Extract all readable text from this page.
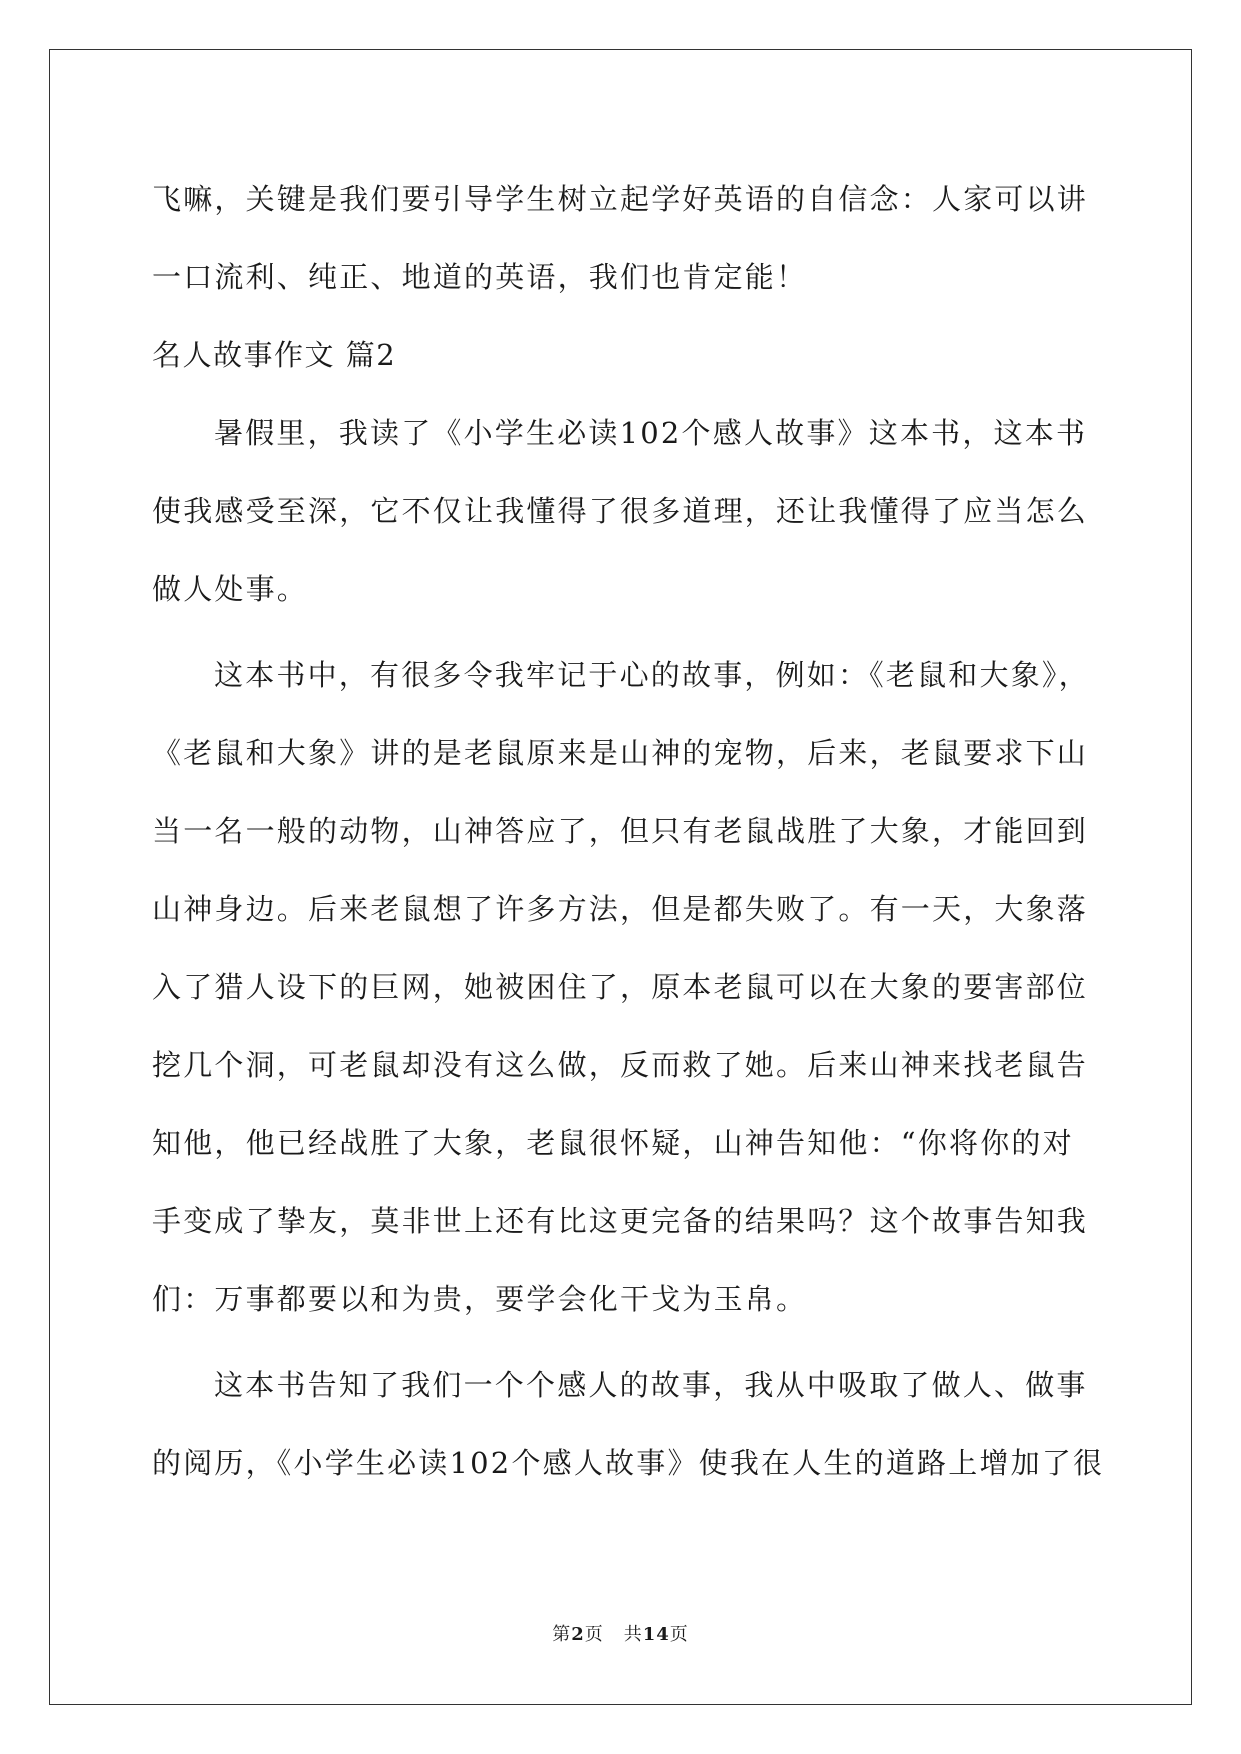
飞嘛，关键是我们要引导学生树立起学好英语的自信念：人家可以讲
一口流利、纯正、地道的英语，我们也肯定能！
名人故事作文 篇2
暑假里，我读了《小学生必读102个感人故事》这本书，这本书
使我感受至深，它不仅让我懂得了很多道理，还让我懂得了应当怎么
做人处事。
这本书中，有很多令我牢记于心的故事，例如：《老鼠和大象》，
《老鼠和大象》讲的是老鼠原来是山神的宠物，后来，老鼠要求下山
当一名一般的动物，山神答应了，但只有老鼠战胜了大象，才能回到
山神身边。后来老鼠想了许多方法，但是都失败了。有一天，大象落
入了猎人设下的巨网，她被困住了，原本老鼠可以在大象的要害部位
挖几个洞，可老鼠却没有这么做，反而救了她。后来山神来找老鼠告
知他，他已经战胜了大象，老鼠很怀疑，山神告知他：“你将你的对
手变成了挚友，莫非世上还有比这更完备的结果吗？这个故事告知我
们：万事都要以和为贵，要学会化干戈为玉帛。
这本书告知了我们一个个感人的故事，我从中吸取了做人、做事
的阅历，《小学生必读102个感人故事》使我在人生的道路上增加了很
第2页 共14页
